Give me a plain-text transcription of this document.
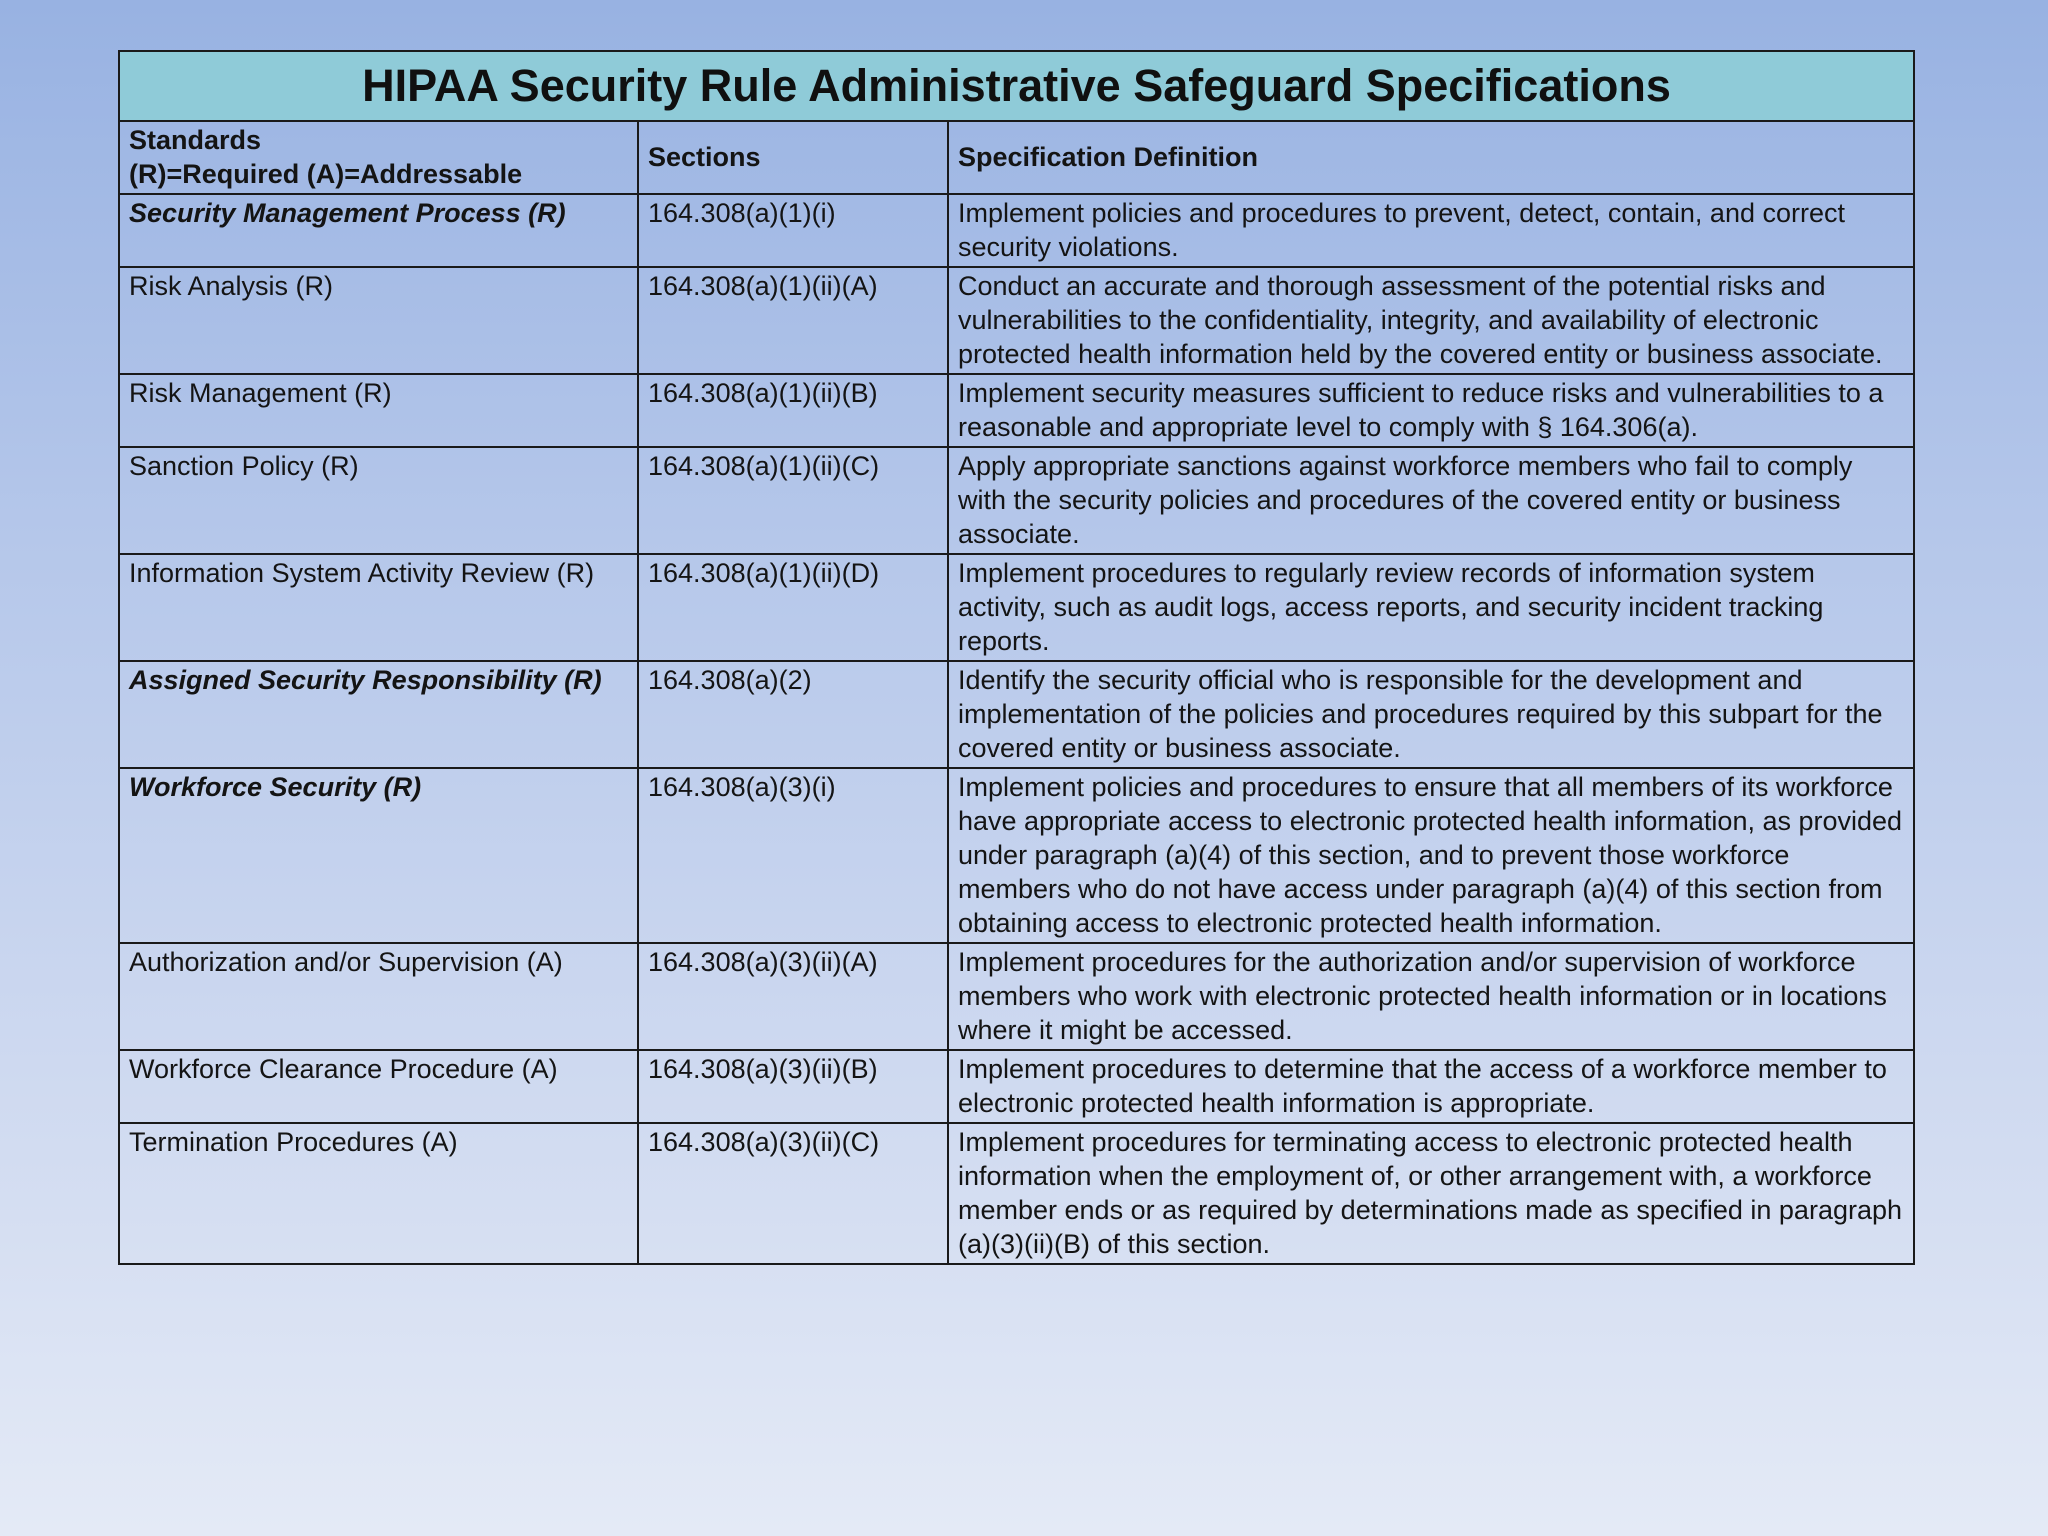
HIPAA Security Rule Administrative Safeguard Specifications		

Standards
(R)=Required (A)=Addressable	Sections	Specification Definition
Security Management Process (R)	164.308(a)(1)(i)	Implement policies and procedures to prevent, detect, contain, and correct security violations.
Risk Analysis (R)	164.308(a)(1)(ii)(A)	Conduct an accurate and thorough assessment of the potential risks and vulnerabilities to the confidentiality, integrity, and availability of electronic protected health information held by the covered entity or business associate.
Risk Management (R)	164.308(a)(1)(ii)(B)	Implement security measures sufficient to reduce risks and vulnerabilities to a reasonable and appropriate level to comply with § 164.306(a).
Sanction Policy (R)	164.308(a)(1)(ii)(C)	Apply appropriate sanctions against workforce members who fail to comply with the security policies and procedures of the covered entity or business associate.
Information System Activity Review (R)	164.308(a)(1)(ii)(D)	Implement procedures to regularly review records of information system activity, such as audit logs, access reports, and security incident tracking reports.
Assigned Security Responsibility (R)	164.308(a)(2)	Identify the security official who is responsible for the development and implementation of the policies and procedures required by this subpart for the covered entity or business associate.
Workforce Security (R)	164.308(a)(3)(i)	Implement policies and procedures to ensure that all members of its workforce have appropriate access to electronic protected health information, as provided under paragraph (a)(4) of this section, and to prevent those workforce members who do not have access under paragraph (a)(4) of this section from obtaining access to electronic protected health information.
Authorization and/or Supervision (A)	164.308(a)(3)(ii)(A)	Implement procedures for the authorization and/or supervision of workforce members who work with electronic protected health information or in locations where it might be accessed.
Workforce Clearance Procedure (A)	164.308(a)(3)(ii)(B)	Implement procedures to determine that the access of a workforce member to electronic protected health information is appropriate.
Termination Procedures (A)	164.308(a)(3)(ii)(C)	Implement procedures for terminating access to electronic protected health information when the employment of, or other arrangement with, a workforce member ends or as required by determinations made as specified in paragraph (a)(3)(ii)(B) of this section.
